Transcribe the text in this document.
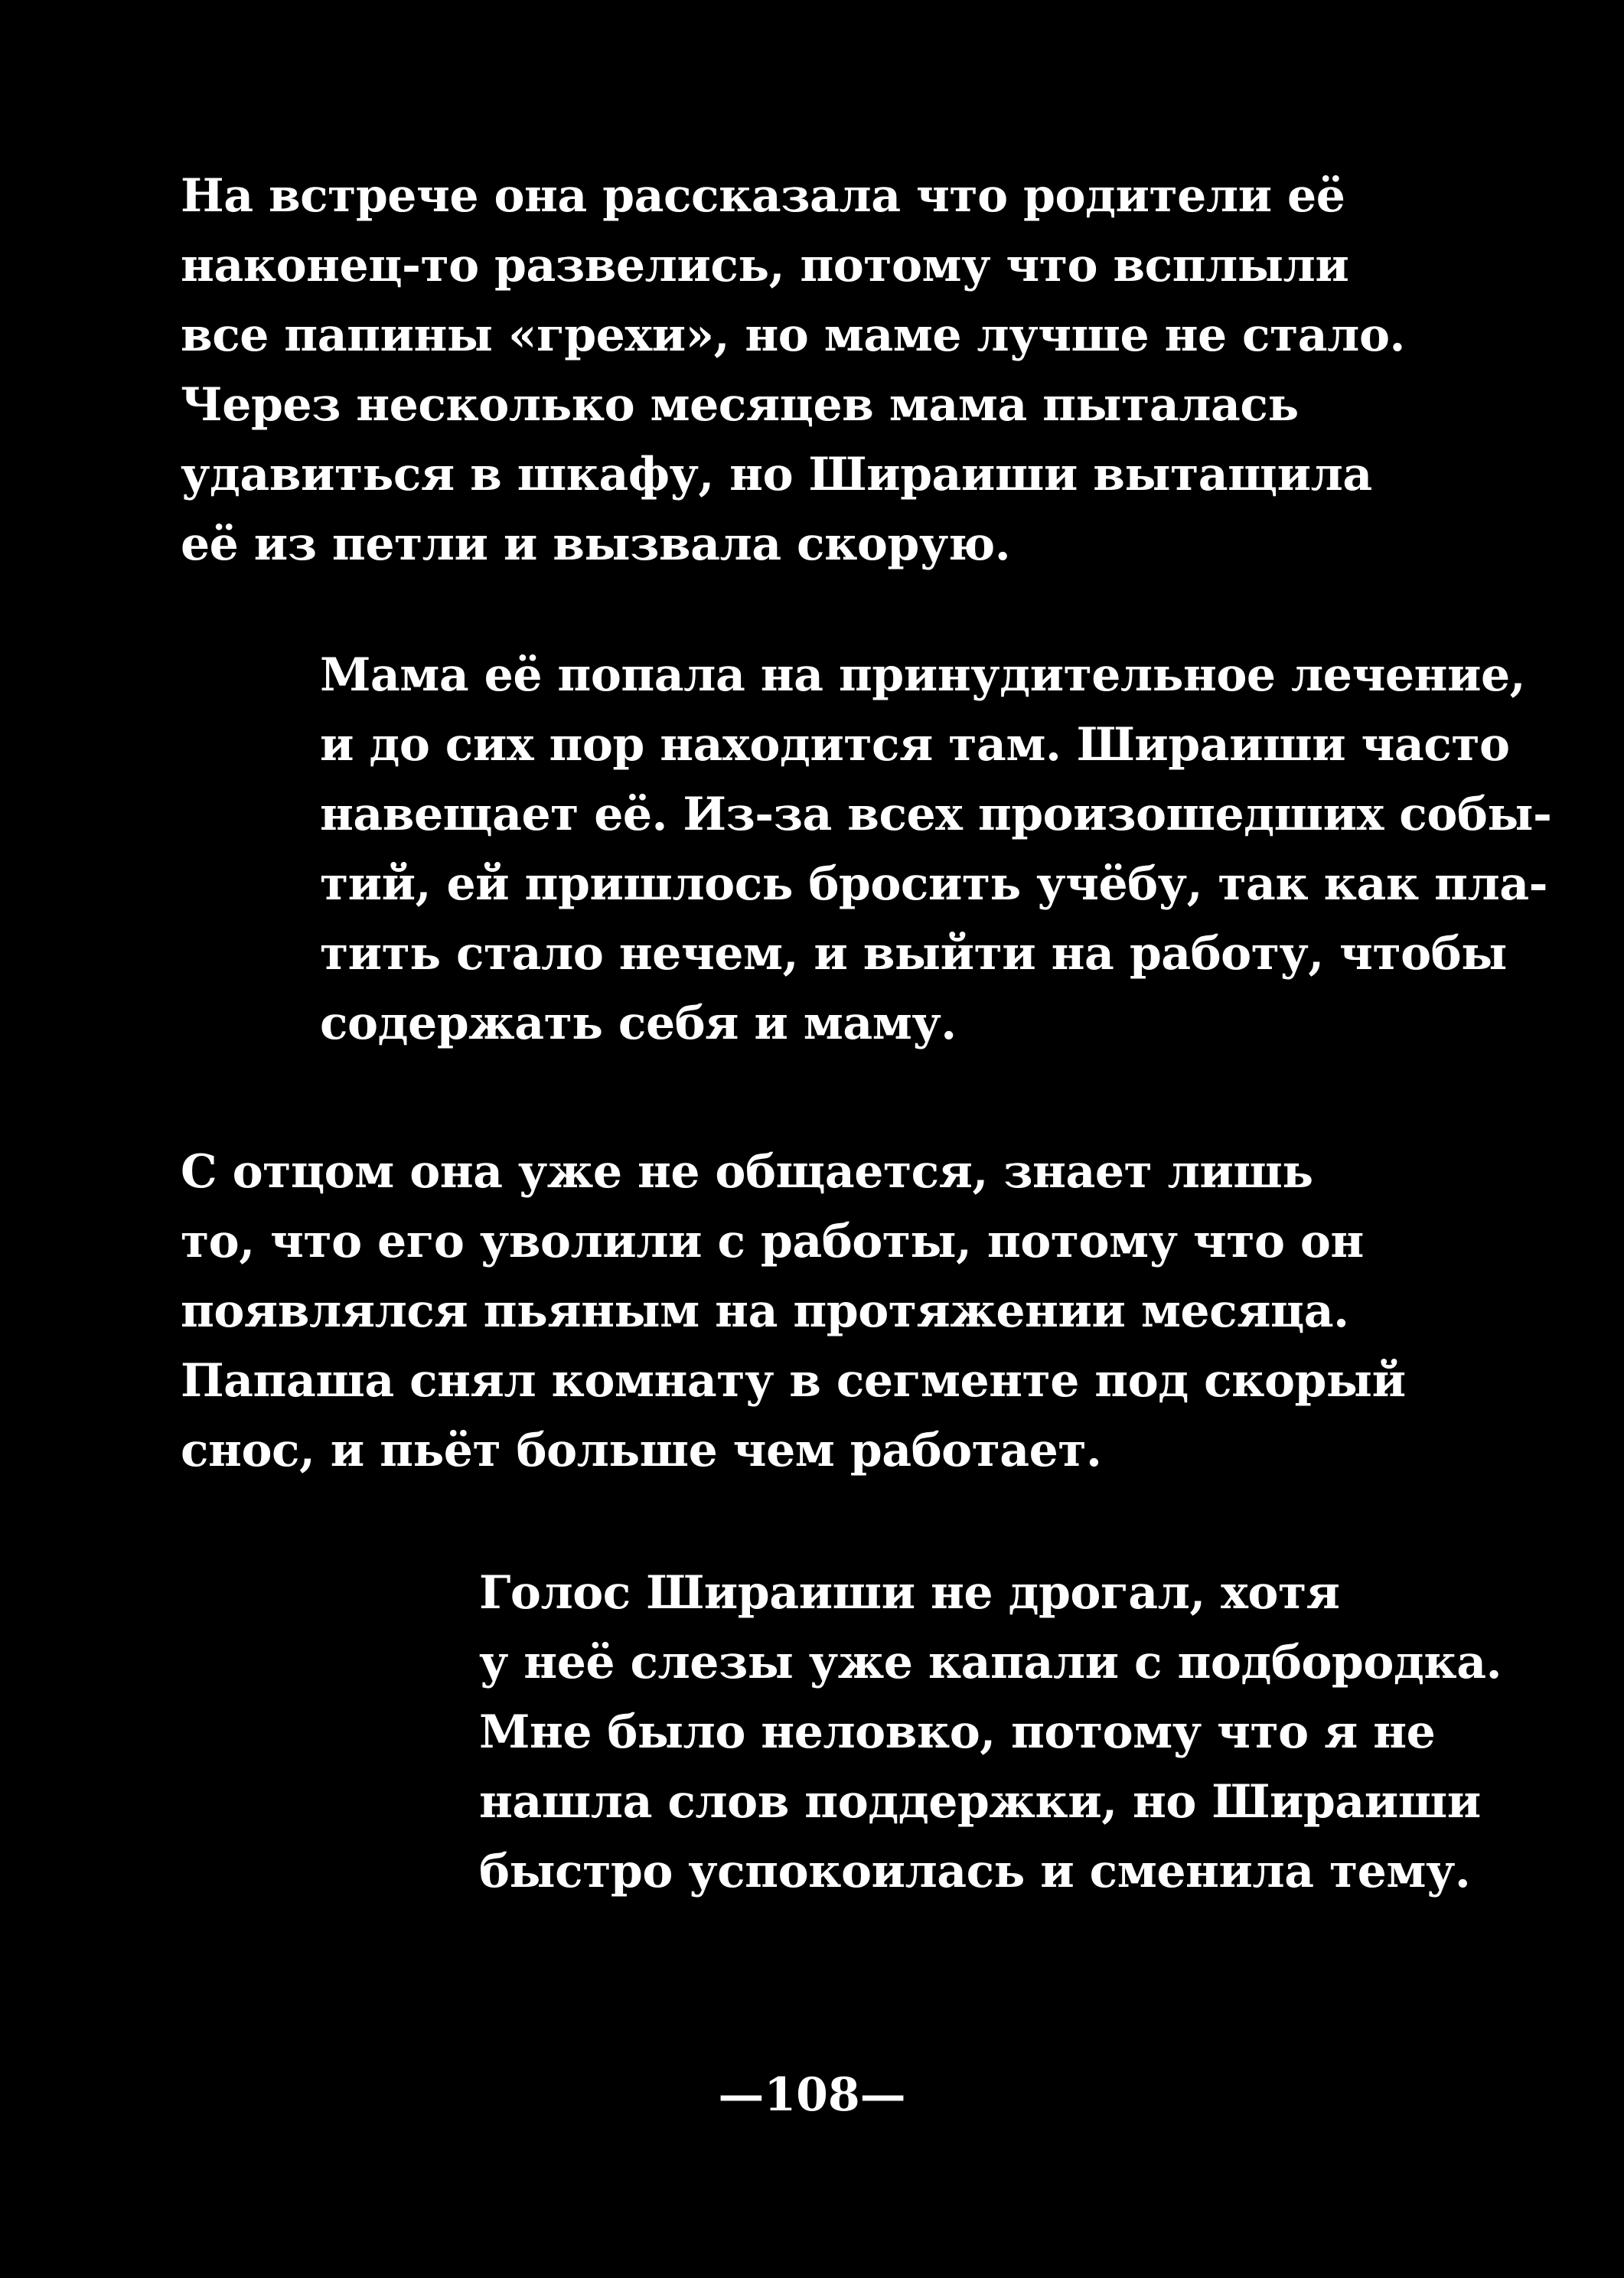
На встрече она рассказала что родители её
наконец-то развелись, потому что всплыли
все папины «грехи», но маме лучше не стало.
Через несколько месяцев мама пыталась
удавиться в шкафу, но Шираиши вытащила
её из петли и вызвала скорую.
Мама её попала на принудительное лечение,
и до сих пор находится там. Шираиши часто
навещает её. Из-за всех произошедших собы-
тий, ей пришлось бросить учёбу, так как пла-
тить стало нечем, и выйти на работу, чтобы
содержать себя и маму.
С отцом она уже не общается, знает лишь
то, что его уволили с работы, потому что он
появлялся пьяным на протяжении месяца.
Папаша снял комнату в сегменте под скорый
снос, и пьёт больше чем работает.
Голос Шираиши не дрогал, хотя
у неё слезы уже капали с подбородка.
Мне было неловко, потому что я не
нашла слов поддержки, но Шираиши
быстро успокоилась и сменила тему.
—108—
